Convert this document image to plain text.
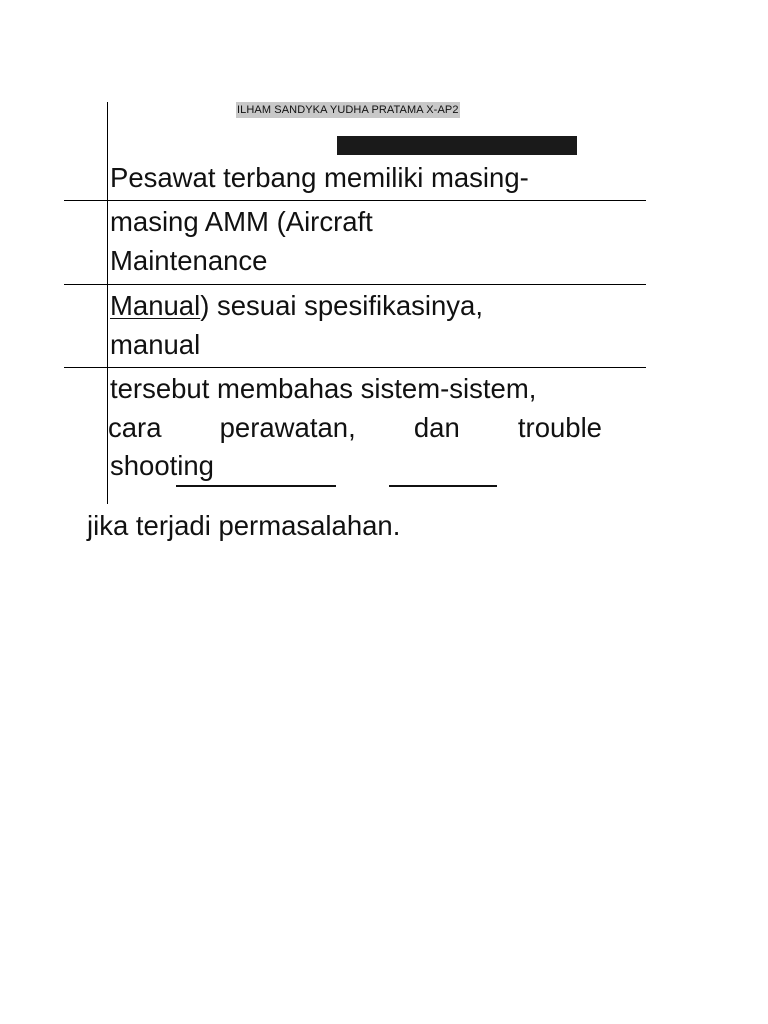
ILHAM SANDYKA YUDHA PRATAMA X-AP2
Pesawat terbang memiliki masing-
masing AMM (Aircraft
Maintenance
Manual) sesuai spesifikasinya,
manual
tersebut membahas sistem-sistem,
cara perawatan, dan trouble
shooting
jika terjadi permasalahan.
